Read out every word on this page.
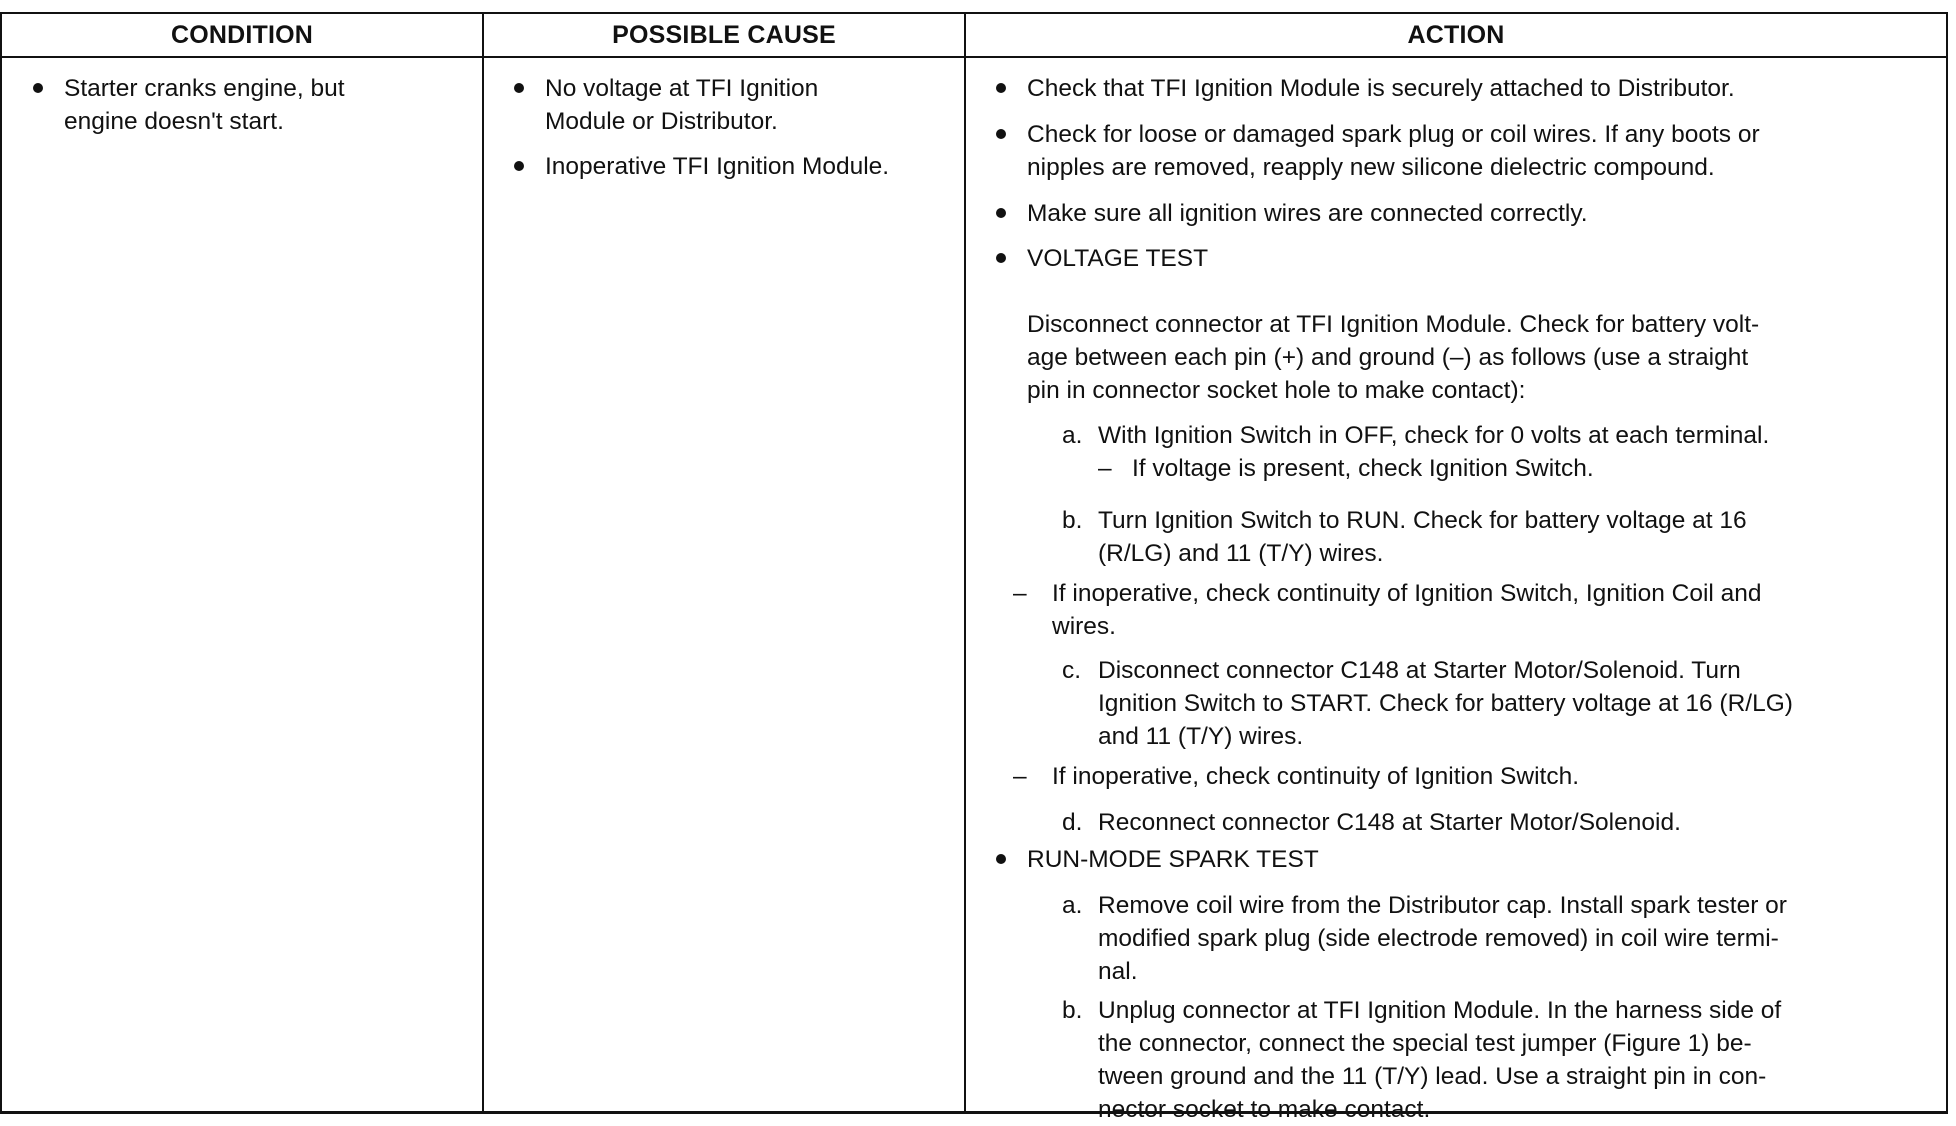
CONDITION	POSSIBLE CAUSE	ACTION
Starter cranks engine, but
engine doesn't start.
No voltage at TFI Ignition
Module or Distributor.
Inoperative TFI Ignition Module.
Check that TFI Ignition Module is securely attached to Distributor.
Check for loose or damaged spark plug or coil wires. If any boots or
nipples are removed, reapply new silicone dielectric compound.
Make sure all ignition wires are connected correctly.
VOLTAGE TEST
Disconnect connector at TFI Ignition Module. Check for battery volt-
age between each pin (+) and ground (–) as follows (use a straight
pin in connector socket hole to make contact):
a. With Ignition Switch in OFF, check for 0 volts at each terminal.
– If voltage is present, check Ignition Switch.
b. Turn Ignition Switch to RUN. Check for battery voltage at 16
(R/LG) and 11 (T/Y) wires.
– If inoperative, check continuity of Ignition Switch, Ignition Coil and
wires.
c. Disconnect connector C148 at Starter Motor/Solenoid. Turn
Ignition Switch to START. Check for battery voltage at 16 (R/LG)
and 11 (T/Y) wires.
– If inoperative, check continuity of Ignition Switch.
d. Reconnect connector C148 at Starter Motor/Solenoid.
RUN-MODE SPARK TEST
a. Remove coil wire from the Distributor cap. Install spark tester or
modified spark plug (side electrode removed) in coil wire termi-
nal.
b. Unplug connector at TFI Ignition Module. In the harness side of
the connector, connect the special test jumper (Figure 1) be-
tween ground and the 11 (T/Y) lead. Use a straight pin in con-
nector socket to make contact.
